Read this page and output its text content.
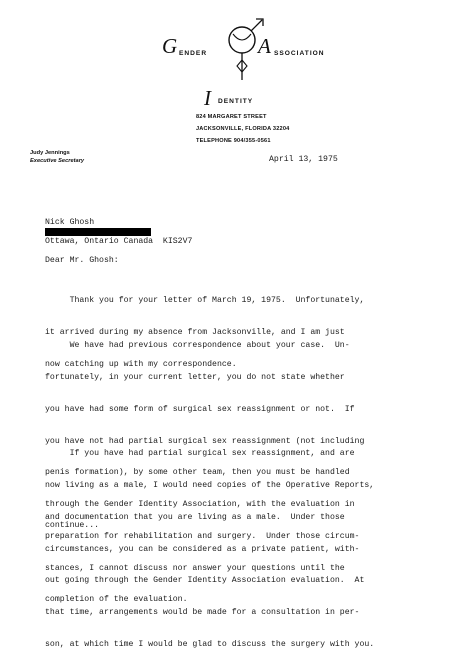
G ENDER A SSOCIATION
I DENTITY
824 MARGARET STREET
JACKSONVILLE, FLORIDA 32204
TELEPHONE 904/355-0561
Judy Jennings
Executive Secretary	April 13, 1975
Nick Ghosh
Ottawa, Ontario Canada  KIS2V7
Dear Mr. Ghosh:

Thank you for your letter of March 19, 1975.  Unfortunately,

it arrived during my absence from Jacksonville, and I am just

now catching up with my correspondence.

We have had previous correspondence about your case.  Un-

fortunately, in your current letter, you do not state whether

you have had some form of surgical sex reassignment or not.  If

you have not had partial surgical sex reassignment (not including

penis formation), by some other team, then you must be handled

through the Gender Identity Association, with the evaluation in

preparation for rehabilitation and surgery.  Under those circum-

stances, I cannot discuss nor answer your questions until the

completion of the evaluation.

If you have had partial surgical sex reassignment, and are

now living as a male, I would need copies of the Operative Reports,

and documentation that you are living as a male.  Under those

circumstances, you can be considered as a private patient, with-

out going through the Gender Identity Association evaluation.  At

that time, arrangements would be made for a consultation in per-

son, at which time I would be glad to discuss the surgery with you.

continue...
